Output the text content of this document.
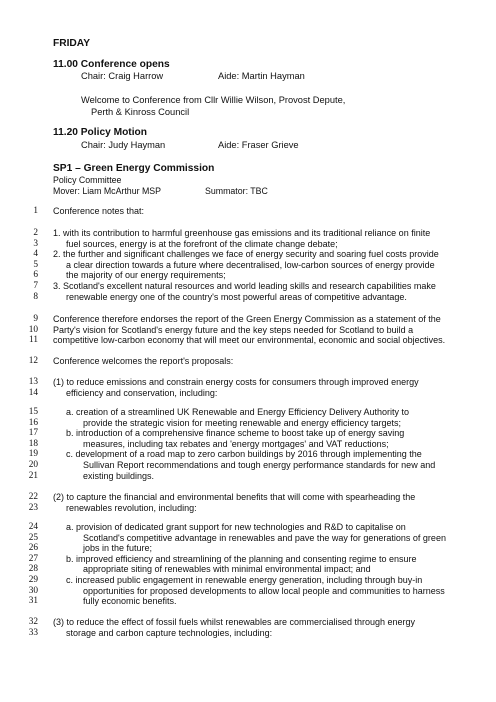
FRIDAY
11.00 Conference opens
Chair: Craig Harrow	Aide: Martin Hayman
Welcome to Conference from Cllr Willie Wilson, Provost Depute,
Perth & Kinross Council
11.20 Policy Motion
Chair: Judy Hayman	Aide: Fraser Grieve
SP1 – Green Energy Commission
Policy Committee
Mover: Liam McArthur MSP	Summator: TBC
1 Conference notes that:
2 1. with its contribution to harmful greenhouse gas emissions and its traditional reliance on finite
3	fuel sources, energy is at the forefront of the climate change debate;
4 2. the further and significant challenges we face of energy security and soaring fuel costs provide
5	a clear direction towards a future where decentralised, low-carbon sources of energy provide
6	the majority of our energy requirements;
7 3. Scotland's excellent natural resources and world leading skills and research capabilities make
8	renewable energy one of the country's most powerful areas of competitive advantage.
9 Conference therefore endorses the report of the Green Energy Commission as a statement of the
10 Party's vision for Scotland's energy future and the key steps needed for Scotland to build a
11 competitive low-carbon economy that will meet our environmental, economic and social objectives.
12 Conference welcomes the report's proposals:
13 (1) to reduce emissions and constrain energy costs for consumers through improved energy
14	efficiency and conservation, including:
15	a. creation of a streamlined UK Renewable and Energy Efficiency Delivery Authority to
16	provide the strategic vision for meeting renewable and energy efficiency targets;
17	b. introduction of a comprehensive finance scheme to boost take up of energy saving
18	measures, including tax rebates and 'energy mortgages' and VAT reductions;
19	c. development of a road map to zero carbon buildings by 2016 through implementing the
20	Sullivan Report recommendations and tough energy performance standards for new and
21	existing buildings.
22 (2) to capture the financial and environmental benefits that will come with spearheading the
23	renewables revolution, including:
24	a. provision of dedicated grant support for new technologies and R&D to capitalise on
25	Scotland's competitive advantage in renewables and pave the way for generations of green
26	jobs in the future;
27	b. improved efficiency and streamlining of the planning and consenting regime to ensure
28	appropriate siting of renewables with minimal environmental impact; and
29	c. increased public engagement in renewable energy generation, including through buy-in
30	opportunities for proposed developments to allow local people and communities to harness
31	fully economic benefits.
32 (3) to reduce the effect of fossil fuels whilst renewables are commercialised through energy
33	storage and carbon capture technologies, including:
